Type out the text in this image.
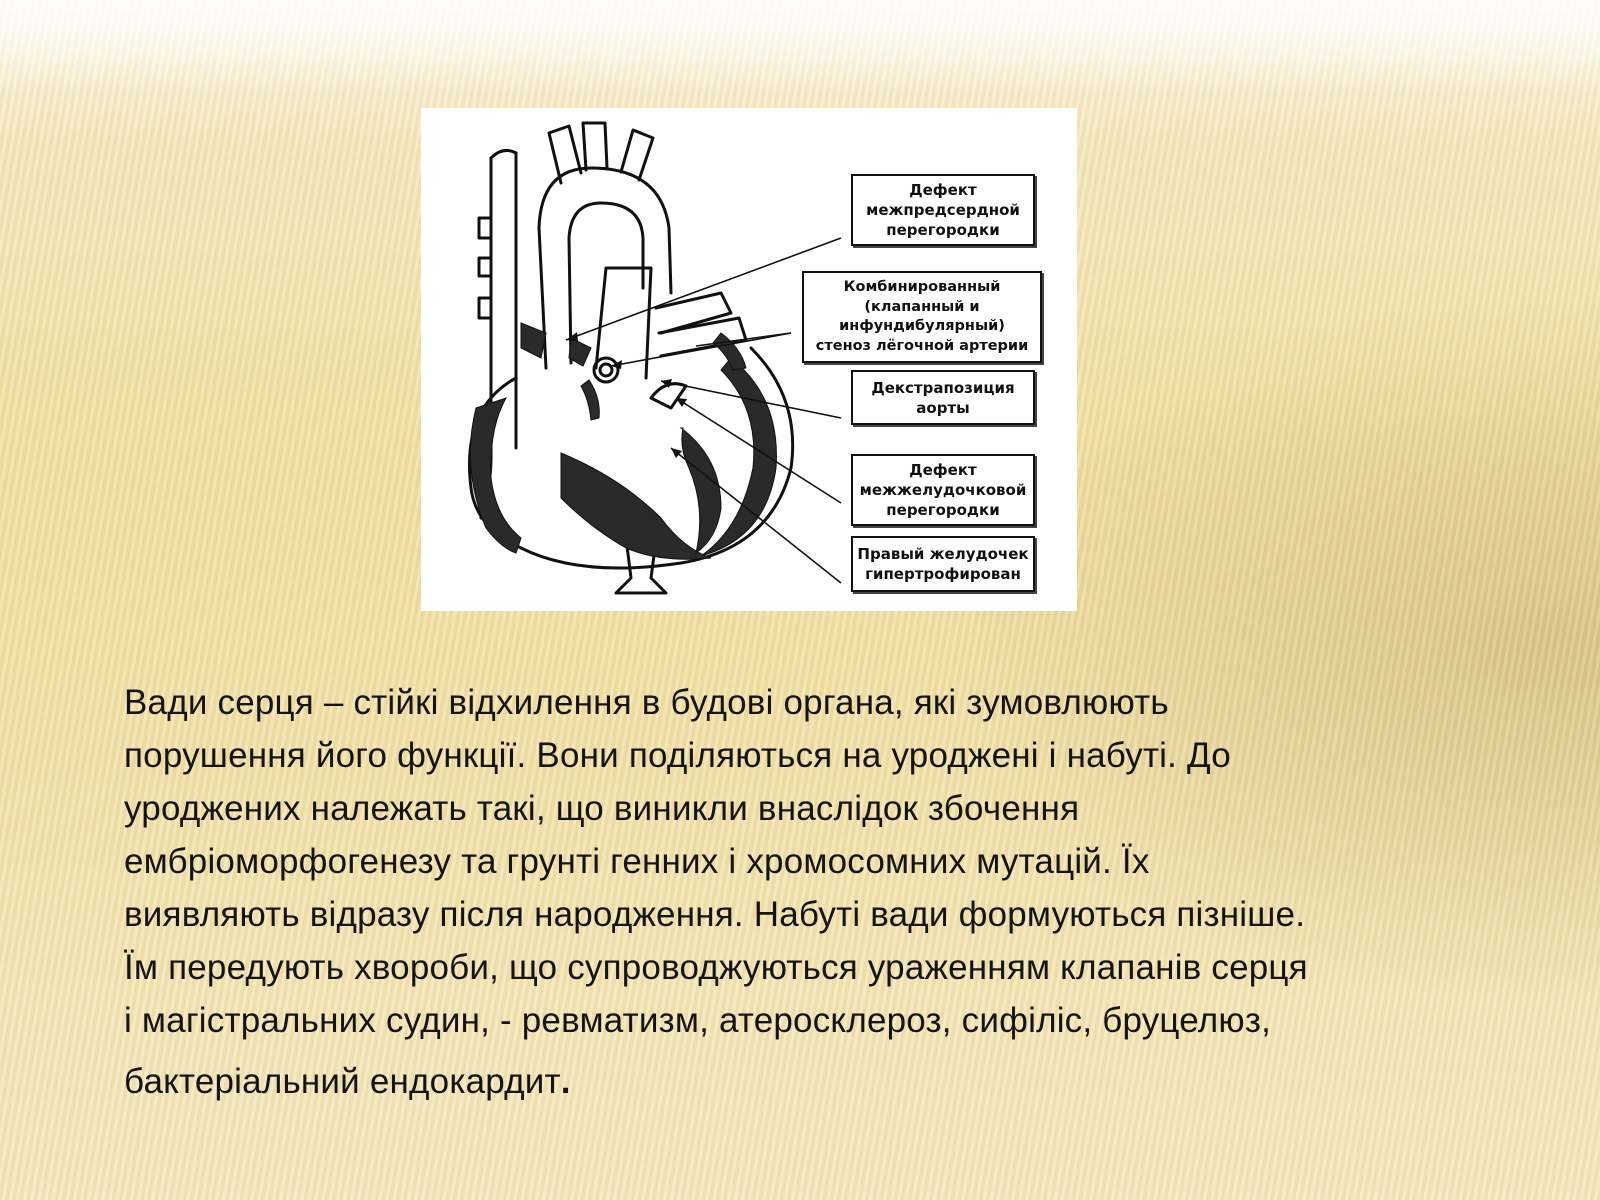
Дефект
межпредсердной
перегородки
Комбинированный
(клапанный и
инфундибулярный)
стеноз лёгочной артерии
Декстрапозиция
аорты
Дефект
межжелудочковой
перегородки
Правый желудочек
гипертрофирован
Вади серця – стійкі відхилення в будові органа, які зумовлюють
порушення його функції. Вони поділяються на уроджені і набуті. До
уроджених належать такі, що виникли внаслідок збочення
ембріоморфогенезу та грунті генних і хромосомних мутацій. Їх
виявляють відразу після народження. Набуті вади формуються пізніше.
Їм передують хвороби, що супроводжуються ураженням клапанів серця
і магістральних судин, - ревматизм, атеросклероз, сифіліс, бруцелюз,
бактеріальний ендокардит.
